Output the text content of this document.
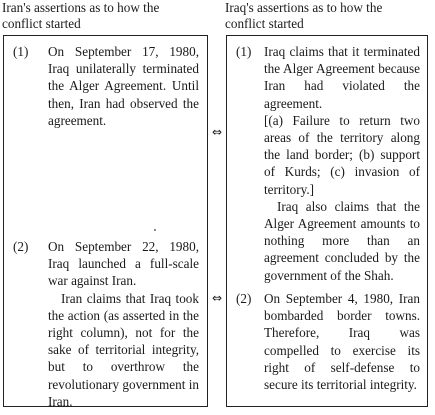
Iran's assertions as to how the
conflict started
Iraq's assertions as to how the
conflict started
(1) On September 17, 1980, Iraq unilaterally terminated the Alger Agreement. Until then, Iran had observed the agreement.

(2) On September 22, 1980, Iraq launched a full-scale war against Iran.

Iran claims that Iraq took the action (as asserted in the right column), not for the sake of territorial integrity, but to overthrow the revolutionary government in Iran.

(1) Iraq claims that it terminated the Alger Agreement because Iran had violated the agreement.

[(a) Failure to return two areas of the territory along the land border; (b) support of Kurds; (c) invasion of territory.]

Iraq also claims that the Alger Agreement amounts to nothing more than an agreement concluded by the government of the Shah.

(2) On September 4, 1980, Iran bombarded border towns. Therefore, Iraq was compelled to exercise its right of self-defense to secure its territorial integrity.

⇔
⇔
